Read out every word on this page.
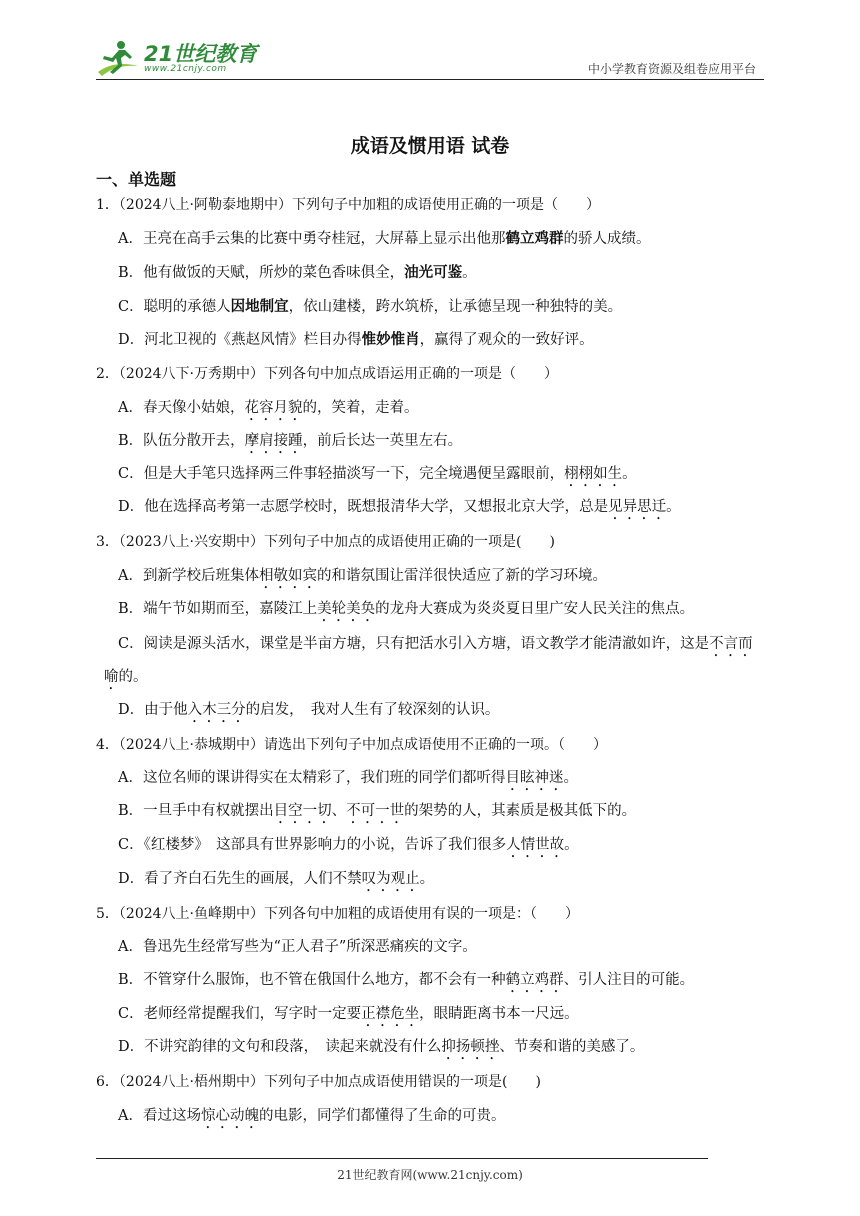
21世纪教育
www.21cnjy.com	中小学教育资源及组卷应用平台
成语及惯用语 试卷
一、单选题
1．（2024八上·阿勒泰地期中）下列句子中加粗的成语使用正确的一项是（　　）
A．王亮在高手云集的比赛中勇夺桂冠，大屏幕上显示出他那鹤立鸡群的骄人成绩。
B．他有做饭的天赋，所炒的菜色香味俱全，油光可鉴。
C．聪明的承德人因地制宜，依山建楼，跨水筑桥，让承德呈现一种独特的美。
D．河北卫视的《燕赵风情》栏目办得惟妙惟肖，赢得了观众的一致好评。
2．（2024八下·万秀期中）下列各句中加点成语运用正确的一项是（　　）
A．春天像小姑娘，花容月貌的，笑着，走着。
B．队伍分散开去，摩肩接踵，前后长达一英里左右。
C．但是大手笔只选择两三件事轻描淡写一下，完全境遇便呈露眼前，栩栩如生。
D．他在选择高考第一志愿学校时，既想报清华大学，又想报北京大学，总是见异思迁。
3．（2023八上·兴安期中）下列句子中加点的成语使用正确的一项是(　　)
A．到新学校后班集体相敬如宾的和谐氛围让雷洋很快适应了新的学习环境。
B．端午节如期而至，嘉陵江上美轮美奂的龙舟大赛成为炎炎夏日里广安人民关注的焦点。
C．阅读是源头活水，课堂是半亩方塘，只有把活水引入方塘，语文教学才能清澈如许，这是不言而喻的。
D．由于他入木三分的启发，　我对人生有了较深刻的认识。
4．（2024八上·恭城期中）请选出下列句子中加点成语使用不正确的一项。（　　）
A．这位名师的课讲得实在太精彩了，我们班的同学们都听得目眩神迷。
B．一旦手中有权就摆出目空一切、不可一世的架势的人，其素质是极其低下的。
C．《红楼梦》　这部具有世界影响力的小说，告诉了我们很多人情世故。
D．看了齐白石先生的画展，人们不禁叹为观止。
5．（2024八上·鱼峰期中）下列各句中加粗的成语使用有误的一项是：（　　）
A．鲁迅先生经常写些为“正人君子”所深恶痛疾的文字。
B．不管穿什么服饰，也不管在俄国什么地方，都不会有一种鹤立鸡群、引人注目的可能。
C．老师经常提醒我们，写字时一定要正襟危坐，眼睛距离书本一尺远。
D．不讲究韵律的文句和段落，　读起来就没有什么抑扬顿挫、节奏和谐的美感了。
6．（2024八上·梧州期中）下列句子中加点成语使用错误的一项是(　　)
A．看过这场惊心动魄的电影，同学们都懂得了生命的可贵。
21世纪教育网(www.21cnjy.com)
